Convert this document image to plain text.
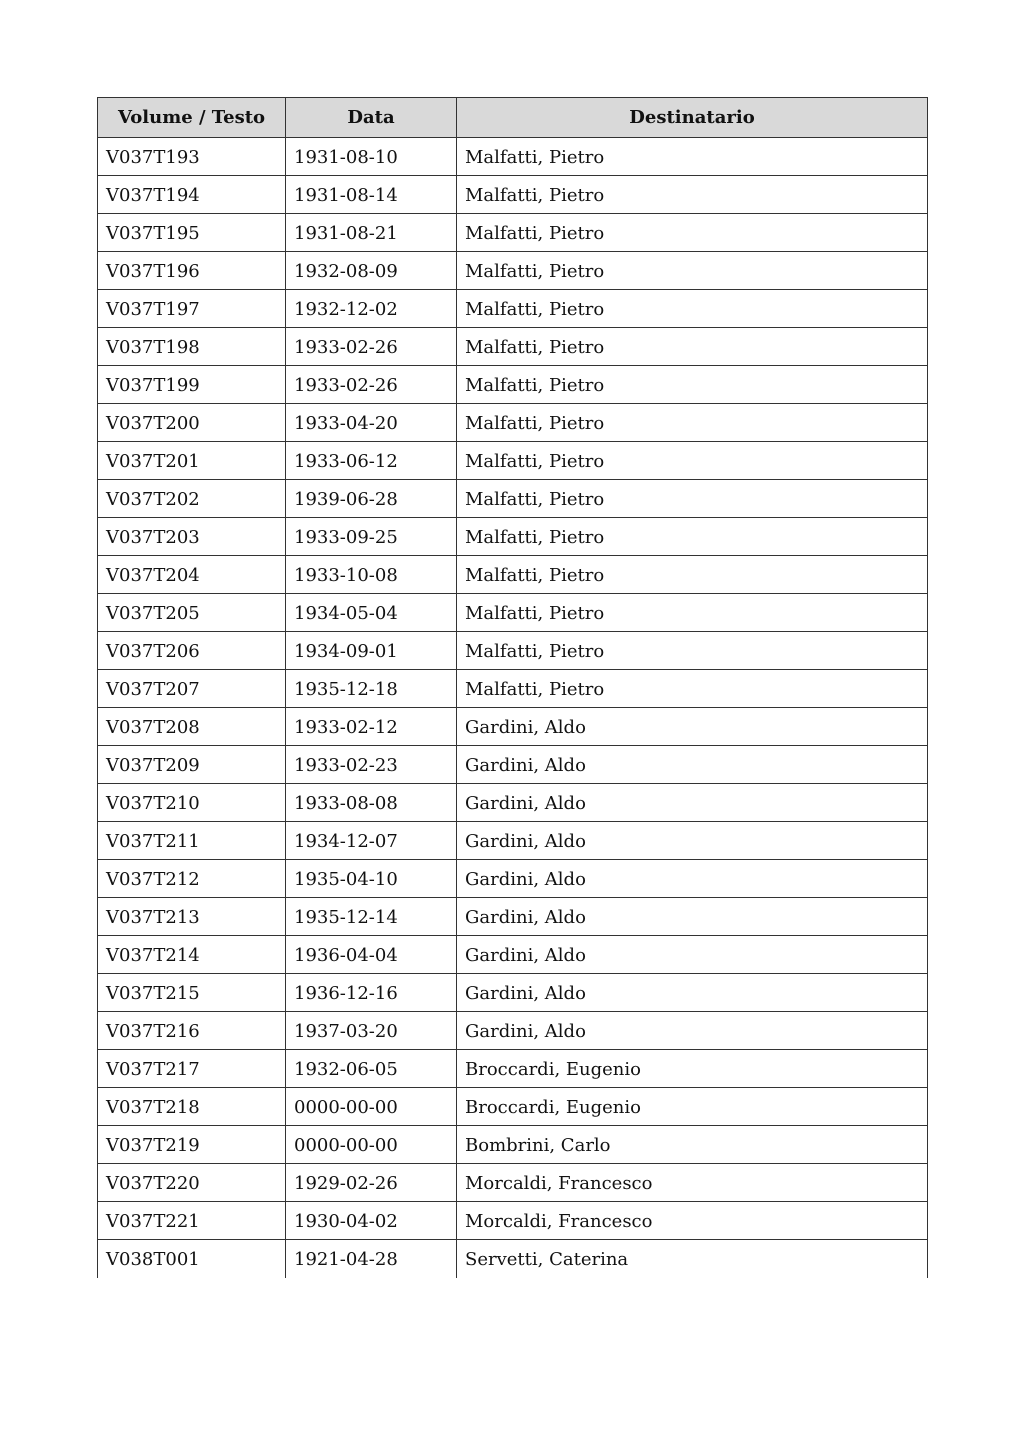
Volume / Testo	Data	Destinatario
V037T193	1931-08-10	Malfatti, Pietro
V037T194	1931-08-14	Malfatti, Pietro
V037T195	1931-08-21	Malfatti, Pietro
V037T196	1932-08-09	Malfatti, Pietro
V037T197	1932-12-02	Malfatti, Pietro
V037T198	1933-02-26	Malfatti, Pietro
V037T199	1933-02-26	Malfatti, Pietro
V037T200	1933-04-20	Malfatti, Pietro
V037T201	1933-06-12	Malfatti, Pietro
V037T202	1939-06-28	Malfatti, Pietro
V037T203	1933-09-25	Malfatti, Pietro
V037T204	1933-10-08	Malfatti, Pietro
V037T205	1934-05-04	Malfatti, Pietro
V037T206	1934-09-01	Malfatti, Pietro
V037T207	1935-12-18	Malfatti, Pietro
V037T208	1933-02-12	Gardini, Aldo
V037T209	1933-02-23	Gardini, Aldo
V037T210	1933-08-08	Gardini, Aldo
V037T211	1934-12-07	Gardini, Aldo
V037T212	1935-04-10	Gardini, Aldo
V037T213	1935-12-14	Gardini, Aldo
V037T214	1936-04-04	Gardini, Aldo
V037T215	1936-12-16	Gardini, Aldo
V037T216	1937-03-20	Gardini, Aldo
V037T217	1932-06-05	Broccardi, Eugenio
V037T218	0000-00-00	Broccardi, Eugenio
V037T219	0000-00-00	Bombrini, Carlo
V037T220	1929-02-26	Morcaldi, Francesco
V037T221	1930-04-02	Morcaldi, Francesco
V038T001	1921-04-28	Servetti, Caterina
